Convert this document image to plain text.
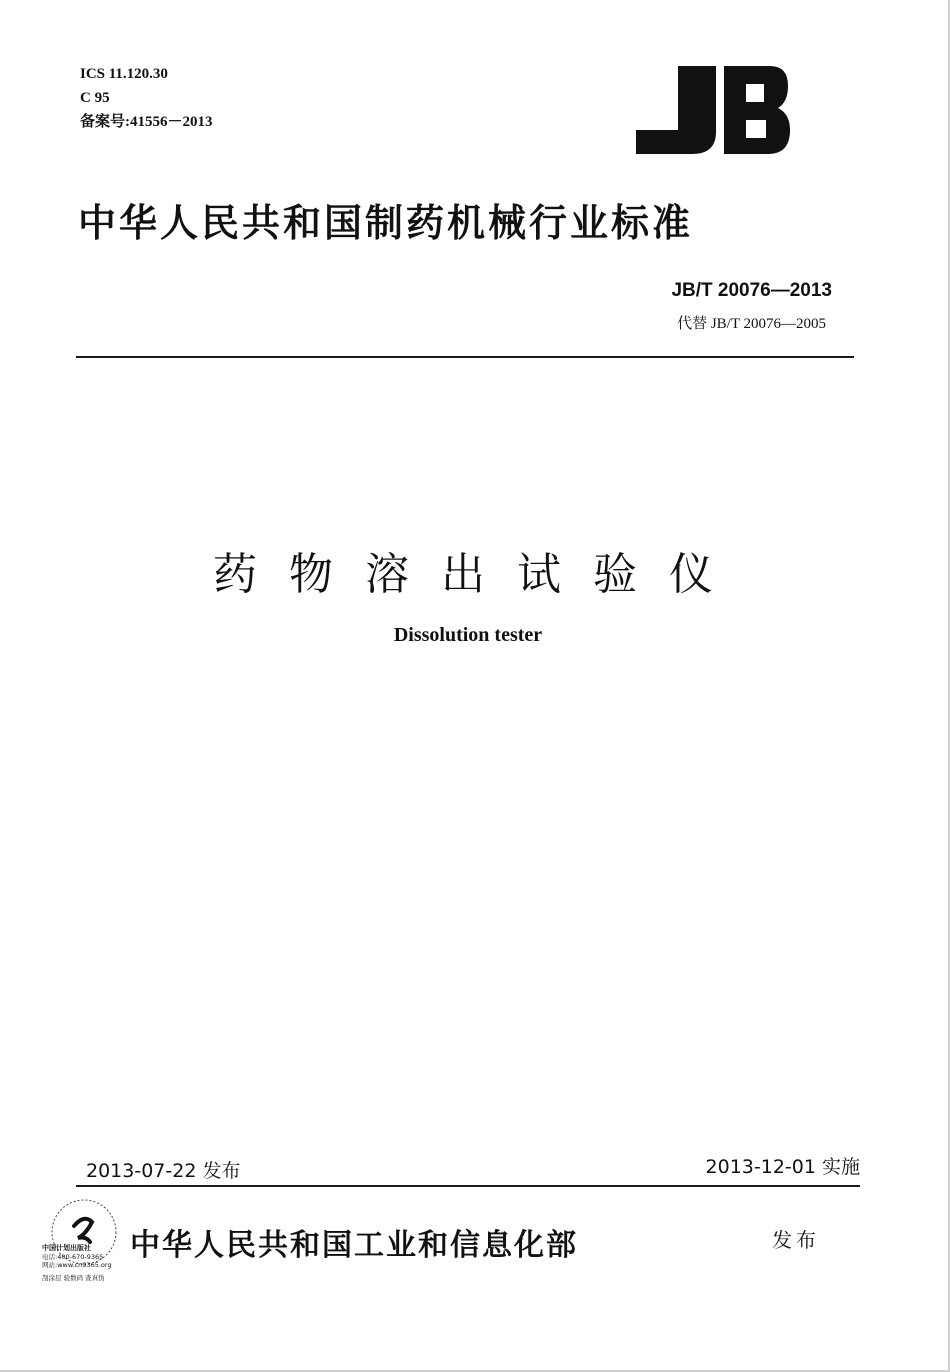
ICS 11.120.30
C 95
备案号:41556－2013
JB
中华人民共和国制药机械行业标准
JB/T 20076—2013
代替 JB/T 20076—2005
药物溶出试验仪
Dissolution tester
2013-07-22 发布	2013-12-01 实施
中国计划出版社
电话:400-670-9365
网站:www.cn9365.org
刮涂层 验数码 查真伪
中华人民共和国工业和信息化部	发布
